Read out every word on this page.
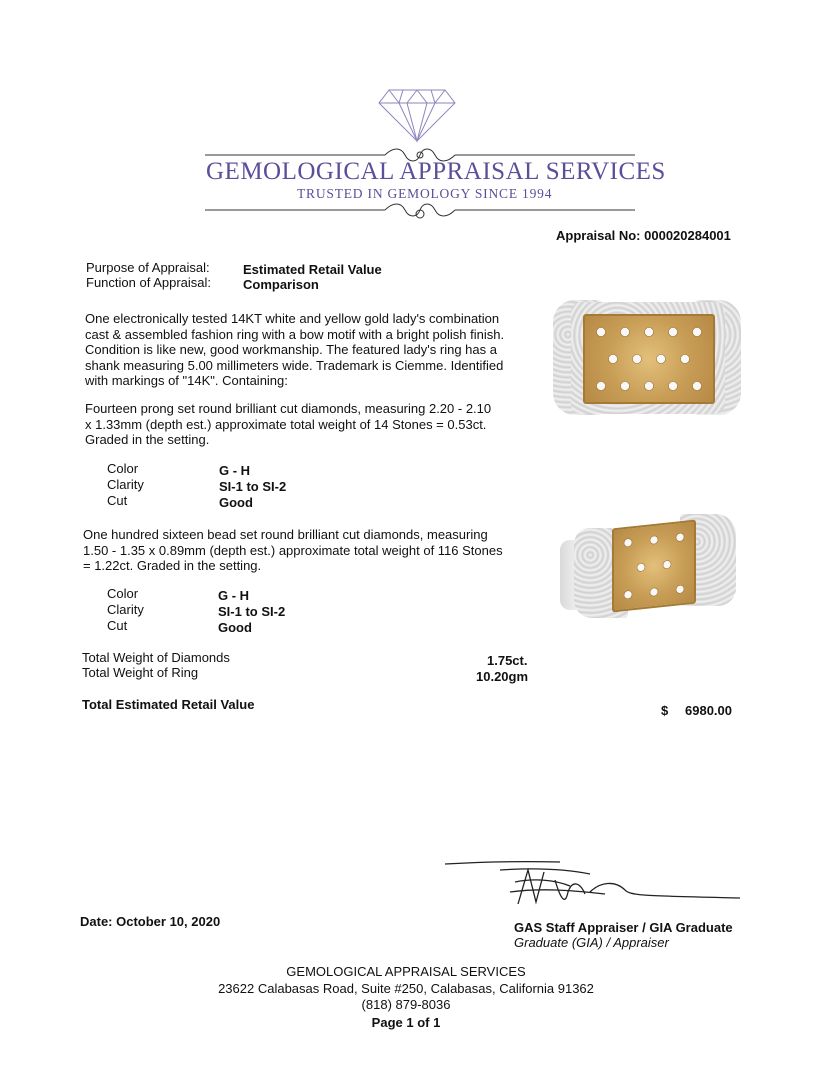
GEMOLOGICAL APPRAISAL SERVICES
TRUSTED IN GEMOLOGY SINCE 1994
Appraisal No: 000020284001
Purpose of Appraisal:	Estimated Retail Value
Function of Appraisal: Comparison
One electronically tested 14KT white and yellow gold lady's combination cast & assembled fashion ring with a bow motif with a bright polish finish. Condition is like new, good workmanship. The featured lady's ring has a shank measuring 5.00 millimeters wide. Trademark is Ciemme. Identified with markings of "14K". Containing:
Fourteen prong set round brilliant cut diamonds, measuring 2.20 - 2.10 x 1.33mm (depth est.) approximate total weight of 14 Stones = 0.53ct. Graded in the setting.
Color	G - H
Clarity	SI-1 to SI-2
Cut	Good
One hundred sixteen bead set round brilliant cut diamonds, measuring 1.50 - 1.35 x 0.89mm (depth est.) approximate total weight of 116 Stones = 1.22ct. Graded in the setting.
Color	G - H
Clarity	SI-1 to SI-2
Cut	Good
Total Weight of Diamonds	1.75ct.
Total Weight of Ring	10.20gm
Total Estimated Retail Value	$ 6980.00
Date: October 10, 2020	GAS Staff Appraiser / GIA Graduate
Graduate (GIA) / Appraiser
GEMOLOGICAL APPRAISAL SERVICES
23622 Calabasas Road, Suite #250, Calabasas, California 91362
(818) 879-8036
Page 1 of 1
